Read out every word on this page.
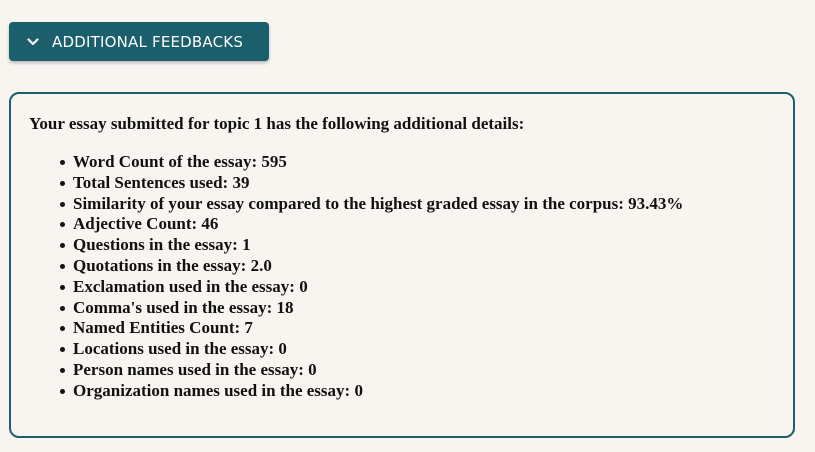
ADDITIONAL FEEDBACKS

Your essay submitted for topic 1 has the following additional details:

Word Count of the essay: 595
Total Sentences used: 39
Similarity of your essay compared to the highest graded essay in the corpus: 93.43%
Adjective Count: 46
Questions in the essay: 1
Quotations in the essay: 2.0
Exclamation used in the essay: 0
Comma's used in the essay: 18
Named Entities Count: 7
Locations used in the essay: 0
Person names used in the essay: 0
Organization names used in the essay: 0
